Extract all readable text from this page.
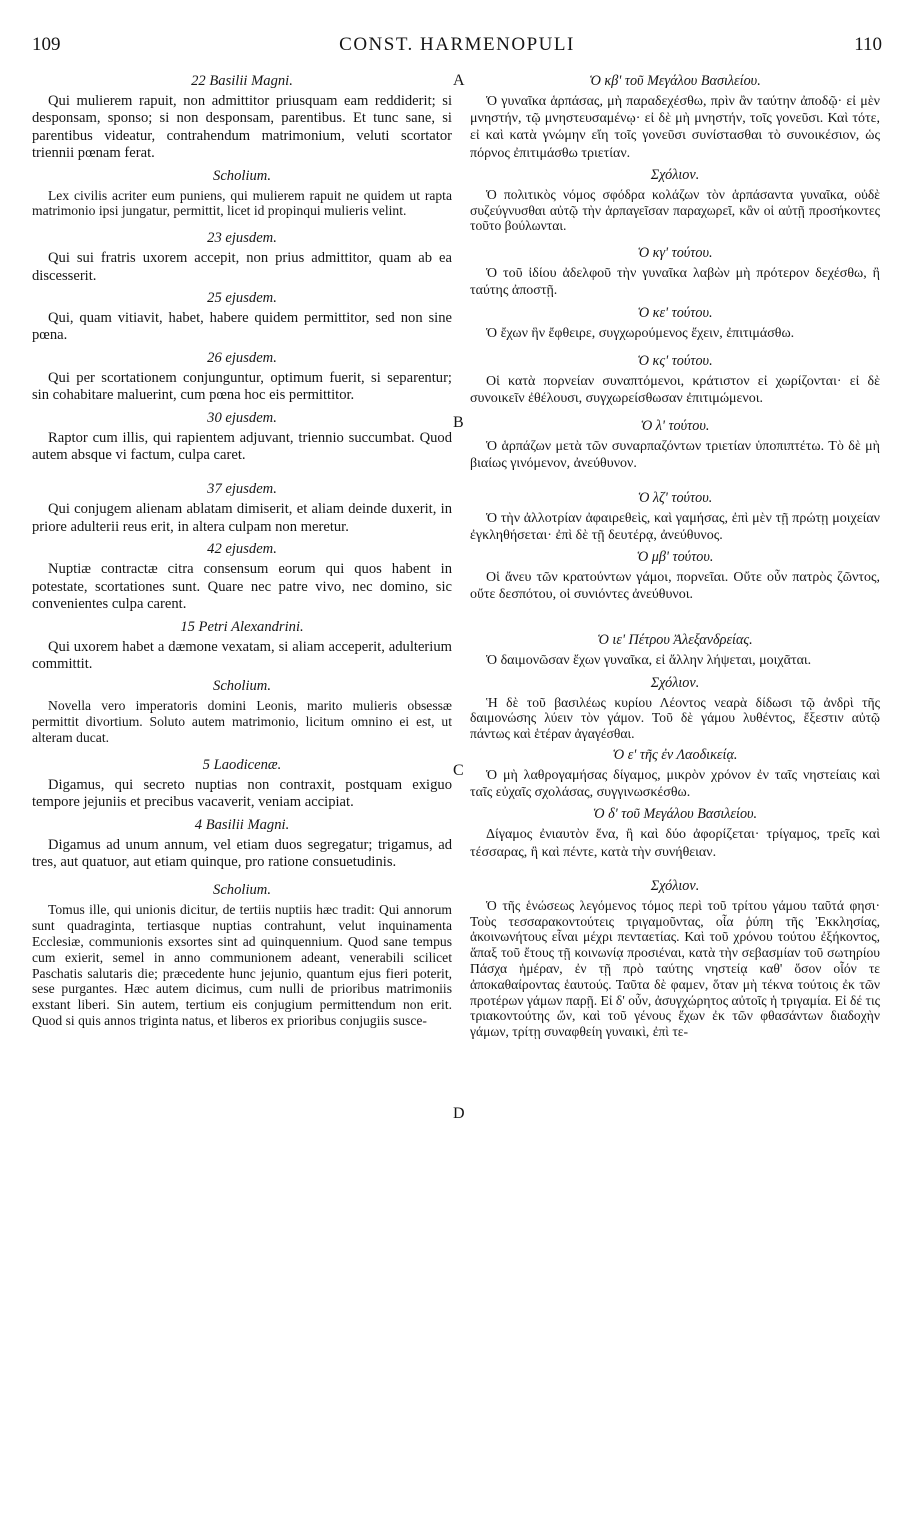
109	CONST. HARMENOPULI	110
A
B
C
D
22 Basilii Magni.

Qui mulierem rapuit, non admittitor priusquam eam reddiderit; si desponsam, sponso; si non desponsam, parentibus. Et tunc sane, si parentibus videatur, contrahendum matrimonium, veluti scortator triennii pœnam ferat.

Scholium.

Lex civilis acriter eum puniens, qui mulierem rapuit ne quidem ut rapta matrimonio ipsi jungatur, permittit, licet id propinqui mulieris velint.

23 ejusdem.

Qui sui fratris uxorem accepit, non prius admittitor, quam ab ea discesserit.

25 ejusdem.

Qui, quam vitiavit, habet, habere quidem permittitor, sed non sine pœna.

26 ejusdem.

Qui per scortationem conjunguntur, optimum fuerit, si separentur; sin cohabitare maluerint, cum pœna hoc eis permittitor.

30 ejusdem.

Raptor cum illis, qui rapientem adjuvant, triennio succumbat. Quod autem absque vi factum, culpa caret.

37 ejusdem.

Qui conjugem alienam ablatam dimiserit, et aliam deinde duxerit, in priore adulterii reus erit, in altera culpam non meretur.

42 ejusdem.

Nuptiæ contractæ citra consensum eorum qui quos habent in potestate, scortationes sunt. Quare nec patre vivo, nec domino, sic convenientes culpa carent.

15 Petri Alexandrini.

Qui uxorem habet a dæmone vexatam, si aliam acceperit, adulterium committit.

Scholium.

Novella vero imperatoris domini Leonis, marito mulieris obsessæ permittit divortium. Soluto autem matrimonio, licitum omnino ei est, ut alteram ducat.

5 Laodicenæ.

Digamus, qui secreto nuptias non contraxit, postquam exiguo tempore jejuniis et precibus vacaverit, veniam accipiat.

4 Basilii Magni.

Digamus ad unum annum, vel etiam duos segregatur; trigamus, ad tres, aut quatuor, aut etiam quinque, pro ratione consuetudinis.

Scholium.

Tomus ille, qui unionis dicitur, de tertiis nuptiis hæc tradit: Qui annorum sunt quadraginta, tertiasque nuptias contrahunt, velut inquinamenta Ecclesiæ, communionis exsortes sint ad quinquennium. Quod sane tempus cum exierit, semel in anno communionem adeant, venerabili scilicet Paschatis salutaris die; præcedente hunc jejunio, quantum ejus fieri poterit, sese purgantes. Hæc autem dicimus, cum nulli de prioribus matrimoniis exstant liberi. Sin autem, tertium eis conjugium permittendum non erit. Quod si quis annos triginta natus, et liberos ex prioribus conjugiis susce-

Ὁ κβ' τοῦ Μεγάλου Βασιλείου.

Ὁ γυναῖκα ἁρπάσας, μὴ παραδεχέσθω, πρὶν ἂν ταύτην ἀποδῷ· εἰ μὲν μνηστήν, τῷ μνηστευσαμένῳ· εἰ δὲ μὴ μνηστήν, τοῖς γονεῦσι. Καὶ τότε, εἰ καὶ κατὰ γνώμην εἴη τοῖς γονεῦσι συνίστασθαι τὸ συνοικέσιον, ὡς πόρνος ἐπιτιμάσθω τριετίαν.

Σχόλιον.

Ὁ πολιτικὸς νόμος σφόδρα κολάζων τὸν ἁρπάσαντα γυναῖκα, οὐδὲ συζεύγνυσθαι αὐτῷ τὴν ἁρπαγεῖσαν παραχωρεῖ, κἂν οἱ αὐτῇ προσήκοντες τοῦτο βούλωνται.

Ὁ κγ' τούτου.

Ὁ τοῦ ἰδίου ἀδελφοῦ τὴν γυναῖκα λαβὼν μὴ πρότερον δεχέσθω, ἢ ταύτης ἀποστῇ.

Ὁ κε' τούτου.

Ὁ ἔχων ἣν ἔφθειρε, συγχωρούμενος ἔχειν, ἐπιτιμάσθω.

Ὁ κς' τούτου.

Οἱ κατὰ πορνείαν συναπτόμενοι, κράτιστον εἰ χωρίζονται· εἰ δὲ συνοικεῖν ἐθέλουσι, συγχωρείσθωσαν ἐπιτιμώμενοι.

Ὁ λ' τούτου.

Ὁ ἁρπάζων μετὰ τῶν συναρπαζόντων τριετίαν ὑποπιπτέτω. Τὸ δὲ μὴ βιαίως γινόμενον, ἀνεύθυνον.

Ὁ λζ' τούτου.

Ὁ τὴν ἀλλοτρίαν ἀφαιρεθεὶς, καὶ γαμήσας, ἐπὶ μὲν τῇ πρώτῃ μοιχείαν ἐγκληθήσεται· ἐπὶ δὲ τῇ δευτέρᾳ, ἀνεύθυνος.

Ὁ μβ' τούτου.

Οἱ ἄνευ τῶν κρατούντων γάμοι, πορνεῖαι. Οὔτε οὖν πατρὸς ζῶντος, οὔτε δεσπότου, οἱ συνιόντες ἀνεύθυνοι.

Ὁ ιε' Πέτρου Ἀλεξανδρείας.

Ὁ δαιμονῶσαν ἔχων γυναῖκα, εἰ ἄλλην λήψεται, μοιχᾶται.

Σχόλιον.

Ἡ δὲ τοῦ βασιλέως κυρίου Λέοντος νεαρὰ δίδωσι τῷ ἀνδρὶ τῆς δαιμονώσης λύειν τὸν γάμον. Τοῦ δὲ γάμου λυθέντος, ἔξεστιν αὐτῷ πάντως καὶ ἑτέραν ἀγαγέσθαι.

Ὁ ε' τῆς ἐν Λαοδικείᾳ.

Ὁ μὴ λαθρογαμήσας δίγαμος, μικρὸν χρόνον ἐν ταῖς νηστείαις καὶ ταῖς εὐχαῖς σχολάσας, συγγινωσκέσθω.

Ὁ δ' τοῦ Μεγάλου Βασιλείου.

Δίγαμος ἐνιαυτὸν ἕνα, ἢ καὶ δύο ἀφορίζεται· τρίγαμος, τρεῖς καὶ τέσσαρας, ἢ καὶ πέντε, κατὰ τὴν συνήθειαν.

Σχόλιον.

Ὁ τῆς ἑνώσεως λεγόμενος τόμος περὶ τοῦ τρίτου γάμου ταῦτά φησι· Τοὺς τεσσαρακοντούτεις τριγαμοῦντας, οἷα ῥύπη τῆς Ἐκκλησίας, ἀκοινωνήτους εἶναι μέχρι πενταετίας. Καὶ τοῦ χρόνου τούτου ἐξήκοντος, ἅπαξ τοῦ ἔτους τῇ κοινωνίᾳ προσιέναι, κατὰ τὴν σεβασμίαν τοῦ σωτηρίου Πάσχα ἡμέραν, ἐν τῇ πρὸ ταύτης νηστείᾳ καθ' ὅσον οἷόν τε ἀποκαθαίροντας ἑαυτούς. Ταῦτα δὲ φαμεν, ὅταν μὴ τέκνα τούτοις ἐκ τῶν προτέρων γάμων παρῇ. Εἰ δ' οὖν, ἀσυγχώρητος αὐτοῖς ἡ τριγαμία. Εἰ δέ τις τριακοντούτης ὤν, καὶ τοῦ γένους ἔχων ἐκ τῶν φθασάντων διαδοχὴν γάμων, τρίτῃ συναφθείη γυναικὶ, ἐπὶ τε-
